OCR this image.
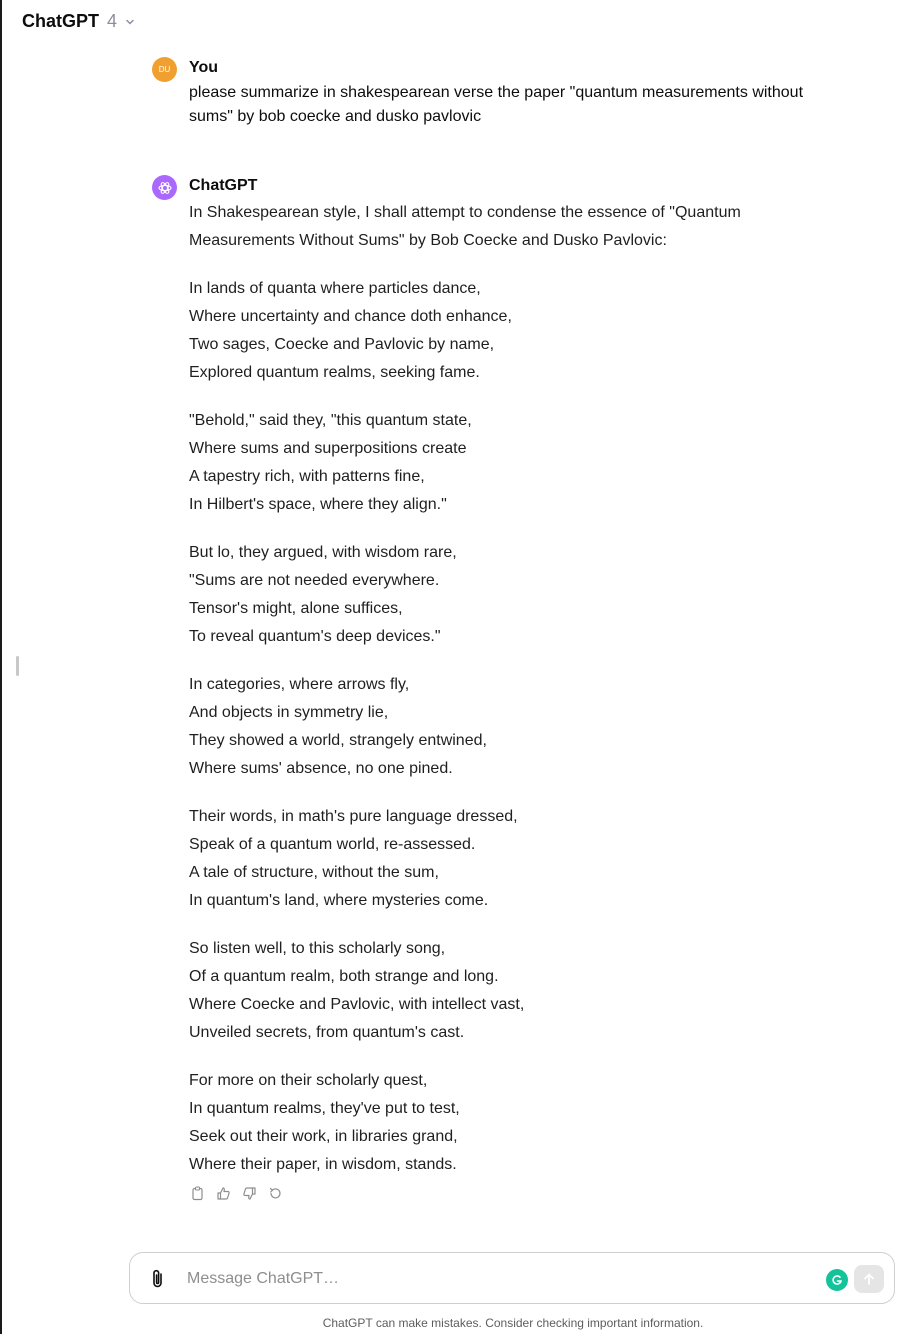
ChatGPT 4
DU You
please summarize in shakespearean verse the paper "quantum measurements without sums" by bob coecke and dusko pavlovic
ChatGPT

In Shakespearean style, I shall attempt to condense the essence of "Quantum Measurements Without Sums" by Bob Coecke and Dusko Pavlovic:

In lands of quanta where particles dance,
Where uncertainty and chance doth enhance,
Two sages, Coecke and Pavlovic by name,
Explored quantum realms, seeking fame.
"Behold," said they, "this quantum state,
Where sums and superpositions create
A tapestry rich, with patterns fine,
In Hilbert's space, where they align."
But lo, they argued, with wisdom rare,
"Sums are not needed everywhere.
Tensor's might, alone suffices,
To reveal quantum's deep devices."
In categories, where arrows fly,
And objects in symmetry lie,
They showed a world, strangely entwined,
Where sums' absence, no one pined.
Their words, in math's pure language dressed,
Speak of a quantum world, re-assessed.
A tale of structure, without the sum,
In quantum's land, where mysteries come.
So listen well, to this scholarly song,
Of a quantum realm, both strange and long.
Where Coecke and Pavlovic, with intellect vast,
Unveiled secrets, from quantum's cast.
For more on their scholarly quest,
In quantum realms, they've put to test,
Seek out their work, in libraries grand,
Where their paper, in wisdom, stands.
Message ChatGPT…
ChatGPT can make mistakes. Consider checking important information.
